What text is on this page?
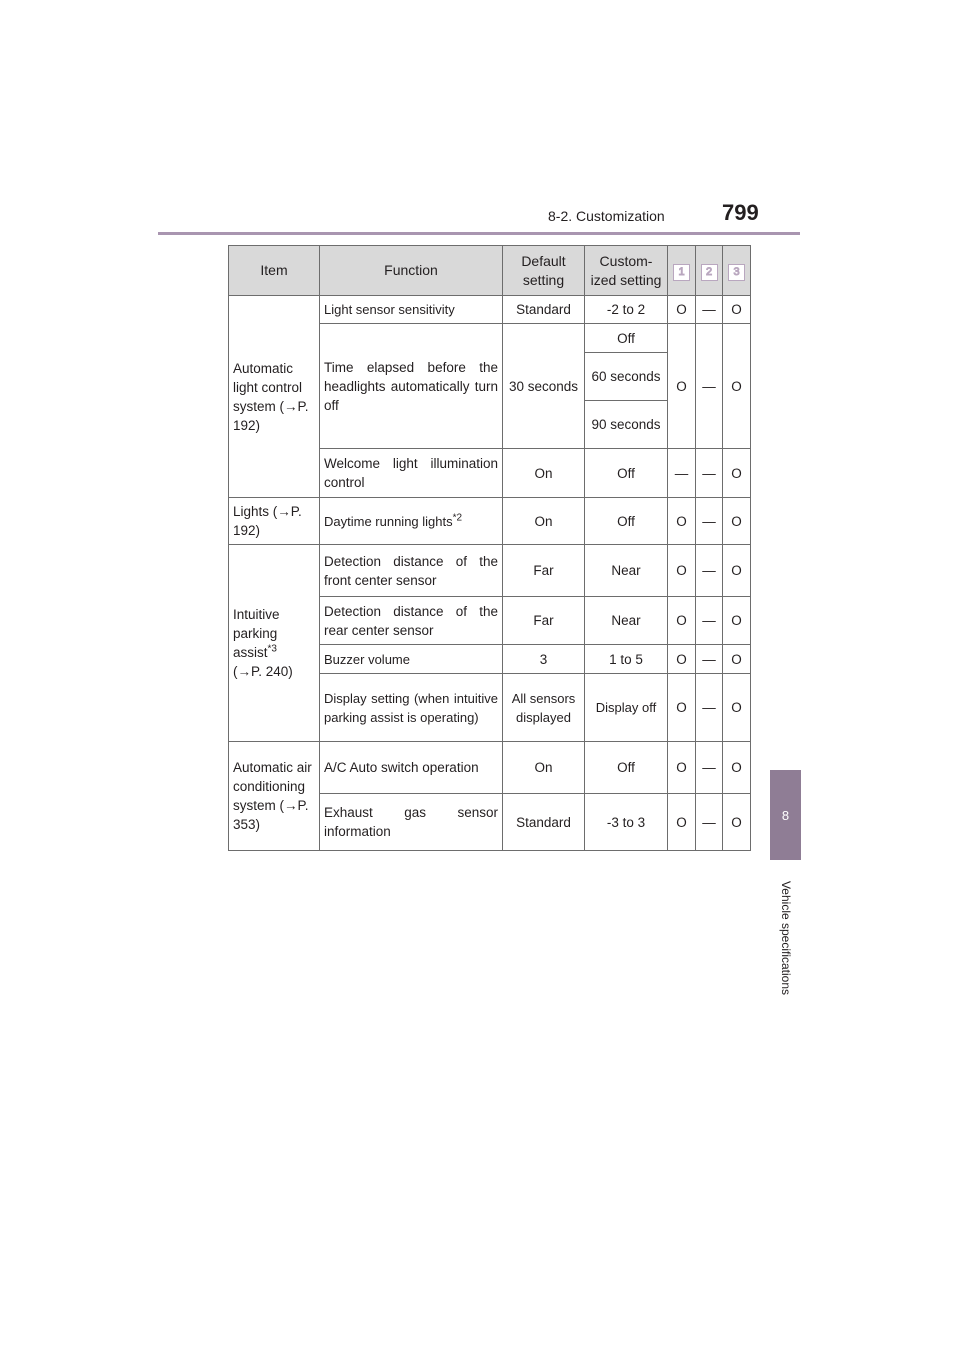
8-2. Customization	799
8
Vehicle specifications
Item	Function	Default setting	Custom- ized setting	1	2	3
Automatic light control system (→P. 192)	Light sensor sensitivity	Standard	-2 to 2	O	—	O
	Time elapsed before the headlights automatically turn off	30 seconds	Off	O	—	O
			60 seconds			
			90 seconds			
	Welcome light illumination control	On	Off	—	—	O
Lights (→P. 192)	Daytime running lights$^{*2}$	On	Off	O	—	O
Intuitive parking assist$^{*3}$
(→P. 240)	Detection distance of the front center sensor	Far	Near	O	—	O
	Detection distance of the rear center sensor	Far	Near	O	—	O
	Buzzer volume	3	1 to 5	O	—	O
	Display setting (when intuitive parking assist is operating)	All sensors displayed	Display off	O	—	O
Automatic air conditioning system (→P. 353)	A/C Auto switch operation	On	Off	O	—	O
	Exhaust gas sensor information	Standard	-3 to 3	O	—	O
